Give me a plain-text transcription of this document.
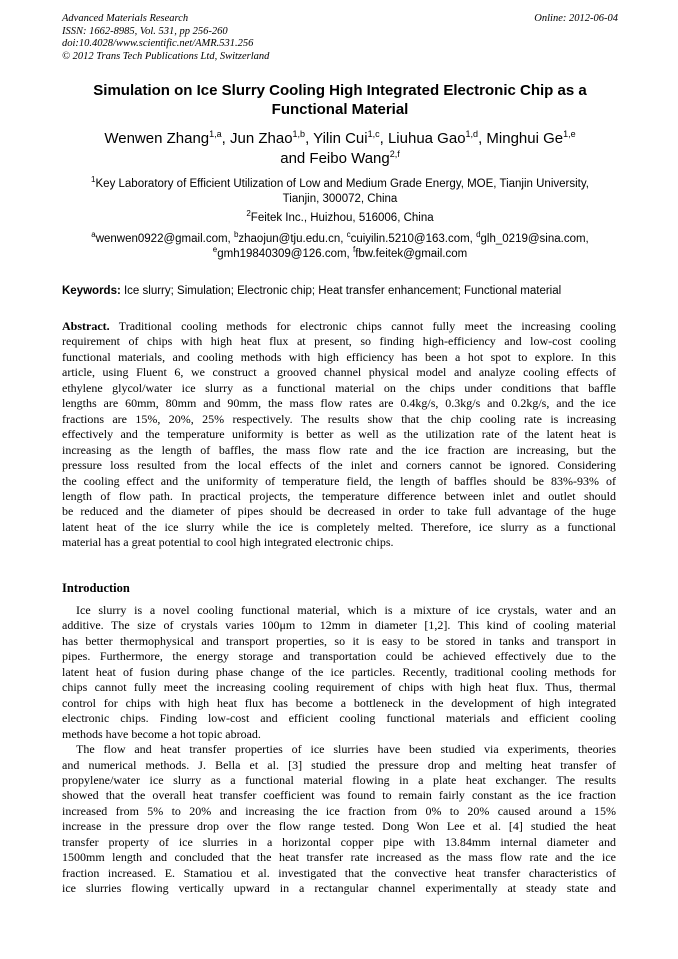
Advanced Materials Research
ISSN: 1662-8985, Vol. 531, pp 256-260
doi:10.4028/www.scientific.net/AMR.531.256
© 2012 Trans Tech Publications Ltd, Switzerland
Online: 2012-06-04
Simulation on Ice Slurry Cooling High Integrated Electronic Chip as a
Functional Material
Wenwen Zhang$^{1,a}$, Jun Zhao$^{1,b}$, Yilin Cui$^{1,c}$, Liuhua Gao$^{1,d}$, Minghui Ge$^{1,e}$
and Feibo Wang$^{2,f}$
$^1$Key Laboratory of Efficient Utilization of Low and Medium Grade Energy, MOE, Tianjin University,
Tianjin, 300072, China
$^2$Feitek Inc., Huizhou, 516006, China
$^a$wenwen0922@gmail.com, $^b$zhaojun@tju.edu.cn, $^c$cuiyilin.5210@163.com, $^d$glh_0219@sina.com,
$^e$gmh19840309@126.com, $^f$fbw.feitek@gmail.com
Keywords: Ice slurry; Simulation; Electronic chip; Heat transfer enhancement; Functional material
Abstract. Traditional cooling methods for electronic chips cannot fully meet the increasing cooling
requirement of chips with high heat flux at present, so finding high-efficiency and low-cost cooling
functional materials, and cooling methods with high efficiency has been a hot spot to explore. In this
article, using Fluent 6, we construct a grooved channel physical model and analyze cooling effects of
ethylene glycol/water ice slurry as a functional material on the chips under conditions that baffle
lengths are 60mm, 80mm and 90mm, the mass flow rates are 0.4kg/s, 0.3kg/s and 0.2kg/s, and the ice
fractions are 15%, 20%, 25% respectively. The results show that the chip cooling rate is increasing
effectively and the temperature uniformity is better as well as the utilization rate of the latent heat is
increasing as the length of baffles, the mass flow rate and the ice fraction are increasing, but the
pressure loss resulted from the local effects of the inlet and corners cannot be ignored. Considering
the cooling effect and the uniformity of temperature field, the length of baffles should be 83%-93% of
length of flow path. In practical projects, the temperature difference between inlet and outlet should
be reduced and the diameter of pipes should be decreased in order to take full advantage of the huge
latent heat of the ice slurry while the ice is completely melted. Therefore, ice slurry as a functional
material has a great potential to cool high integrated electronic chips.
Introduction
Ice slurry is a novel cooling functional material, which is a mixture of ice crystals, water and an
additive. The size of crystals varies 100μm to 12mm in diameter [1,2]. This kind of cooling material
has better thermophysical and transport properties, so it is easy to be stored in tanks and transport in
pipes. Furthermore, the energy storage and transportation could be achieved effectively due to the
latent heat of fusion during phase change of the ice particles. Recently, traditional cooling methods for
chips cannot fully meet the increasing cooling requirement of chips with high heat flux. Thus, thermal
control for chips with high heat flux has become a bottleneck in the development of high integrated
electronic chips. Finding low-cost and efficient cooling functional materials and efficient cooling
methods have become a hot topic abroad.
The flow and heat transfer properties of ice slurries have been studied via experiments, theories
and numerical methods. J. Bella et al. [3] studied the pressure drop and melting heat transfer of
propylene/water ice slurry as a functional material flowing in a plate heat exchanger. The results
showed that the overall heat transfer coefficient was found to remain fairly constant as the ice fraction
increased from 5% to 20% and increasing the ice fraction from 0% to 20% caused around a 15%
increase in the pressure drop over the flow range tested. Dong Won Lee et al. [4] studied the heat
transfer property of ice slurries in a horizontal copper pipe with 13.84mm internal diameter and
1500mm length and concluded that the heat transfer rate increased as the mass flow rate and the ice
fraction increased. E. Stamatiou et al. investigated that the convective heat transfer characteristics of
ice slurries flowing vertically upward in a rectangular channel experimentally at steady state and
